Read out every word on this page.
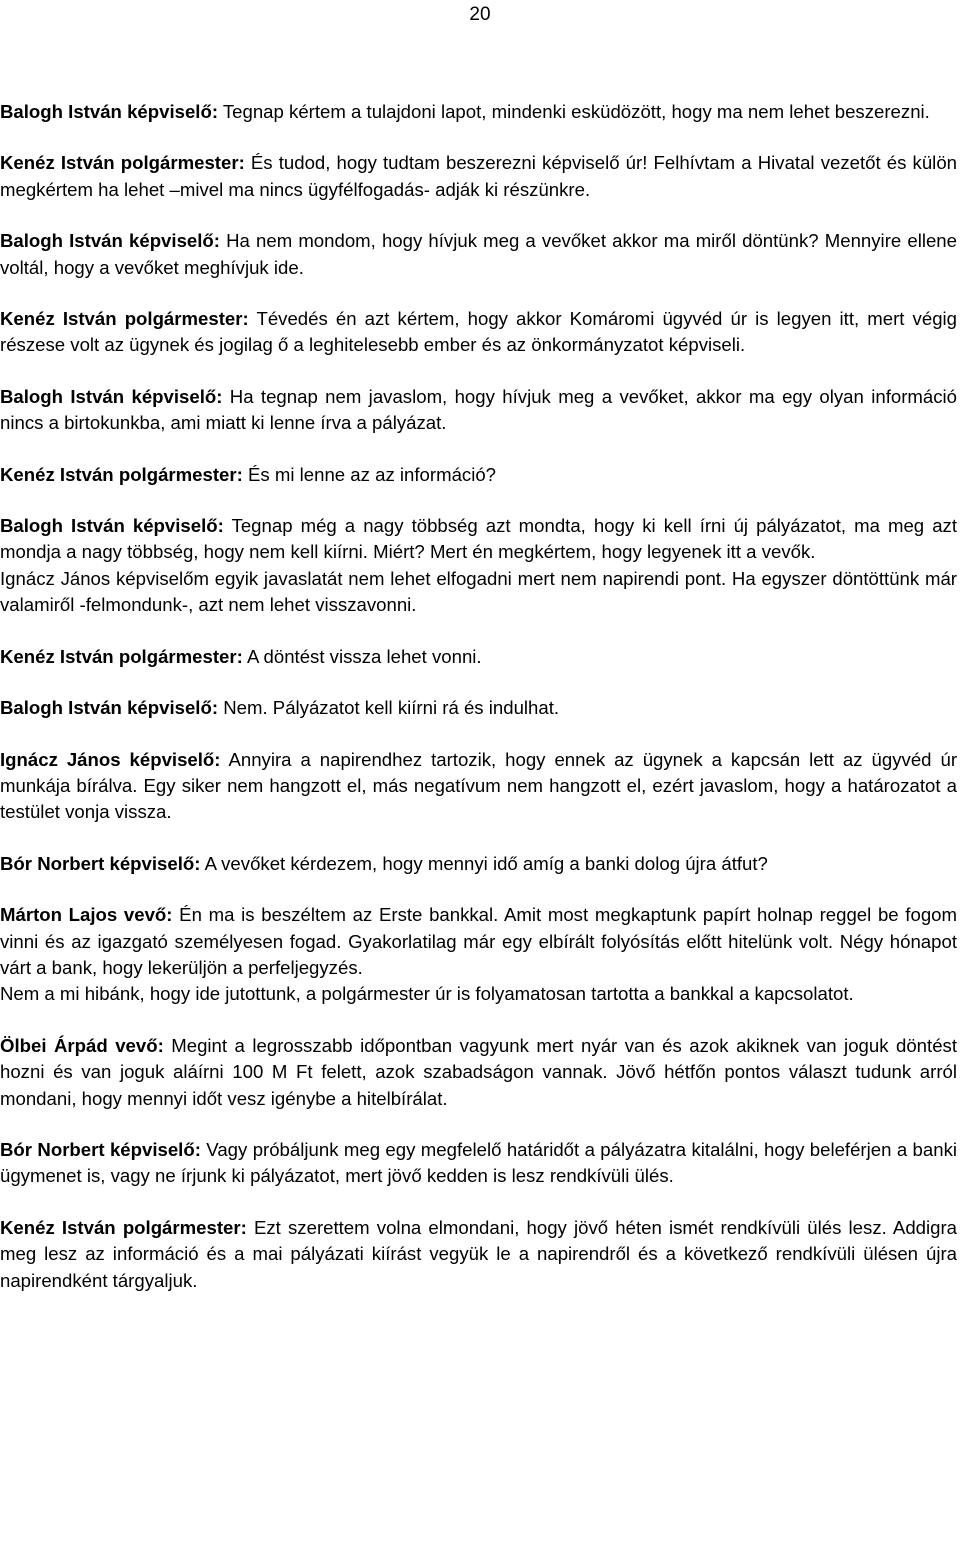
20

Balogh István képviselő: Tegnap kértem a tulajdoni lapot, mindenki esküdözött, hogy ma nem lehet beszerezni.

Kenéz István polgármester: És tudod, hogy tudtam beszerezni képviselő úr! Felhívtam a Hivatal vezetőt és külön megkértem ha lehet –mivel ma nincs ügyfélfogadás- adják ki részünkre.

Balogh István képviselő: Ha nem mondom, hogy hívjuk meg a vevőket akkor ma miről döntünk? Mennyire ellene voltál, hogy a vevőket meghívjuk ide.

Kenéz István polgármester: Tévedés én azt kértem, hogy akkor Komáromi ügyvéd úr is legyen itt, mert végig részese volt az ügynek és jogilag ő a leghitelesebb ember és az önkormányzatot képviseli.

Balogh István képviselő: Ha tegnap nem javaslom, hogy hívjuk meg a vevőket, akkor ma egy olyan információ nincs a birtokunkba, ami miatt ki lenne írva a pályázat.

Kenéz István polgármester: És mi lenne az az információ?

Balogh István képviselő: Tegnap még a nagy többség azt mondta, hogy ki kell írni új pályázatot, ma meg azt mondja a nagy többség, hogy nem kell kiírni. Miért? Mert én megkértem, hogy legyenek itt a vevők.

Ignácz János képviselőm egyik javaslatát nem lehet elfogadni mert nem napirendi pont. Ha egyszer döntöttünk már valamiről -felmondunk-, azt nem lehet visszavonni.

Kenéz István polgármester: A döntést vissza lehet vonni.

Balogh István képviselő: Nem. Pályázatot kell kiírni rá és indulhat.

Ignácz János képviselő: Annyira a napirendhez tartozik, hogy ennek az ügynek a kapcsán lett az ügyvéd úr munkája bírálva. Egy siker nem hangzott el, más negatívum nem hangzott el, ezért javaslom, hogy a határozatot a testület vonja vissza.

Bór Norbert képviselő: A vevőket kérdezem, hogy mennyi idő amíg a banki dolog újra átfut?

Márton Lajos vevő: Én ma is beszéltem az Erste bankkal. Amit most megkaptunk papírt holnap reggel be fogom vinni és az igazgató személyesen fogad. Gyakorlatilag már egy elbírált folyósítás előtt hitelünk volt. Négy hónapot várt a bank, hogy lekerüljön a perfeljegyzés.

Nem a mi hibánk, hogy ide jutottunk, a polgármester úr is folyamatosan tartotta a bankkal a kapcsolatot.

Ölbei Árpád vevő: Megint a legrosszabb időpontban vagyunk mert nyár van és azok akiknek van joguk döntést hozni és van joguk aláírni 100 M Ft felett, azok szabadságon vannak. Jövő hétfőn pontos választ tudunk arról mondani, hogy mennyi időt vesz igénybe a hitelbírálat.

Bór Norbert képviselő: Vagy próbáljunk meg egy megfelelő határidőt a pályázatra kitalálni, hogy beleférjen a banki ügymenet is, vagy ne írjunk ki pályázatot, mert jövő kedden is lesz rendkívüli ülés.

Kenéz István polgármester: Ezt szerettem volna elmondani, hogy jövő héten ismét rendkívüli ülés lesz. Addigra meg lesz az információ és a mai pályázati kiírást vegyük le a napirendről és a következő rendkívüli ülésen újra napirendként tárgyaljuk.
